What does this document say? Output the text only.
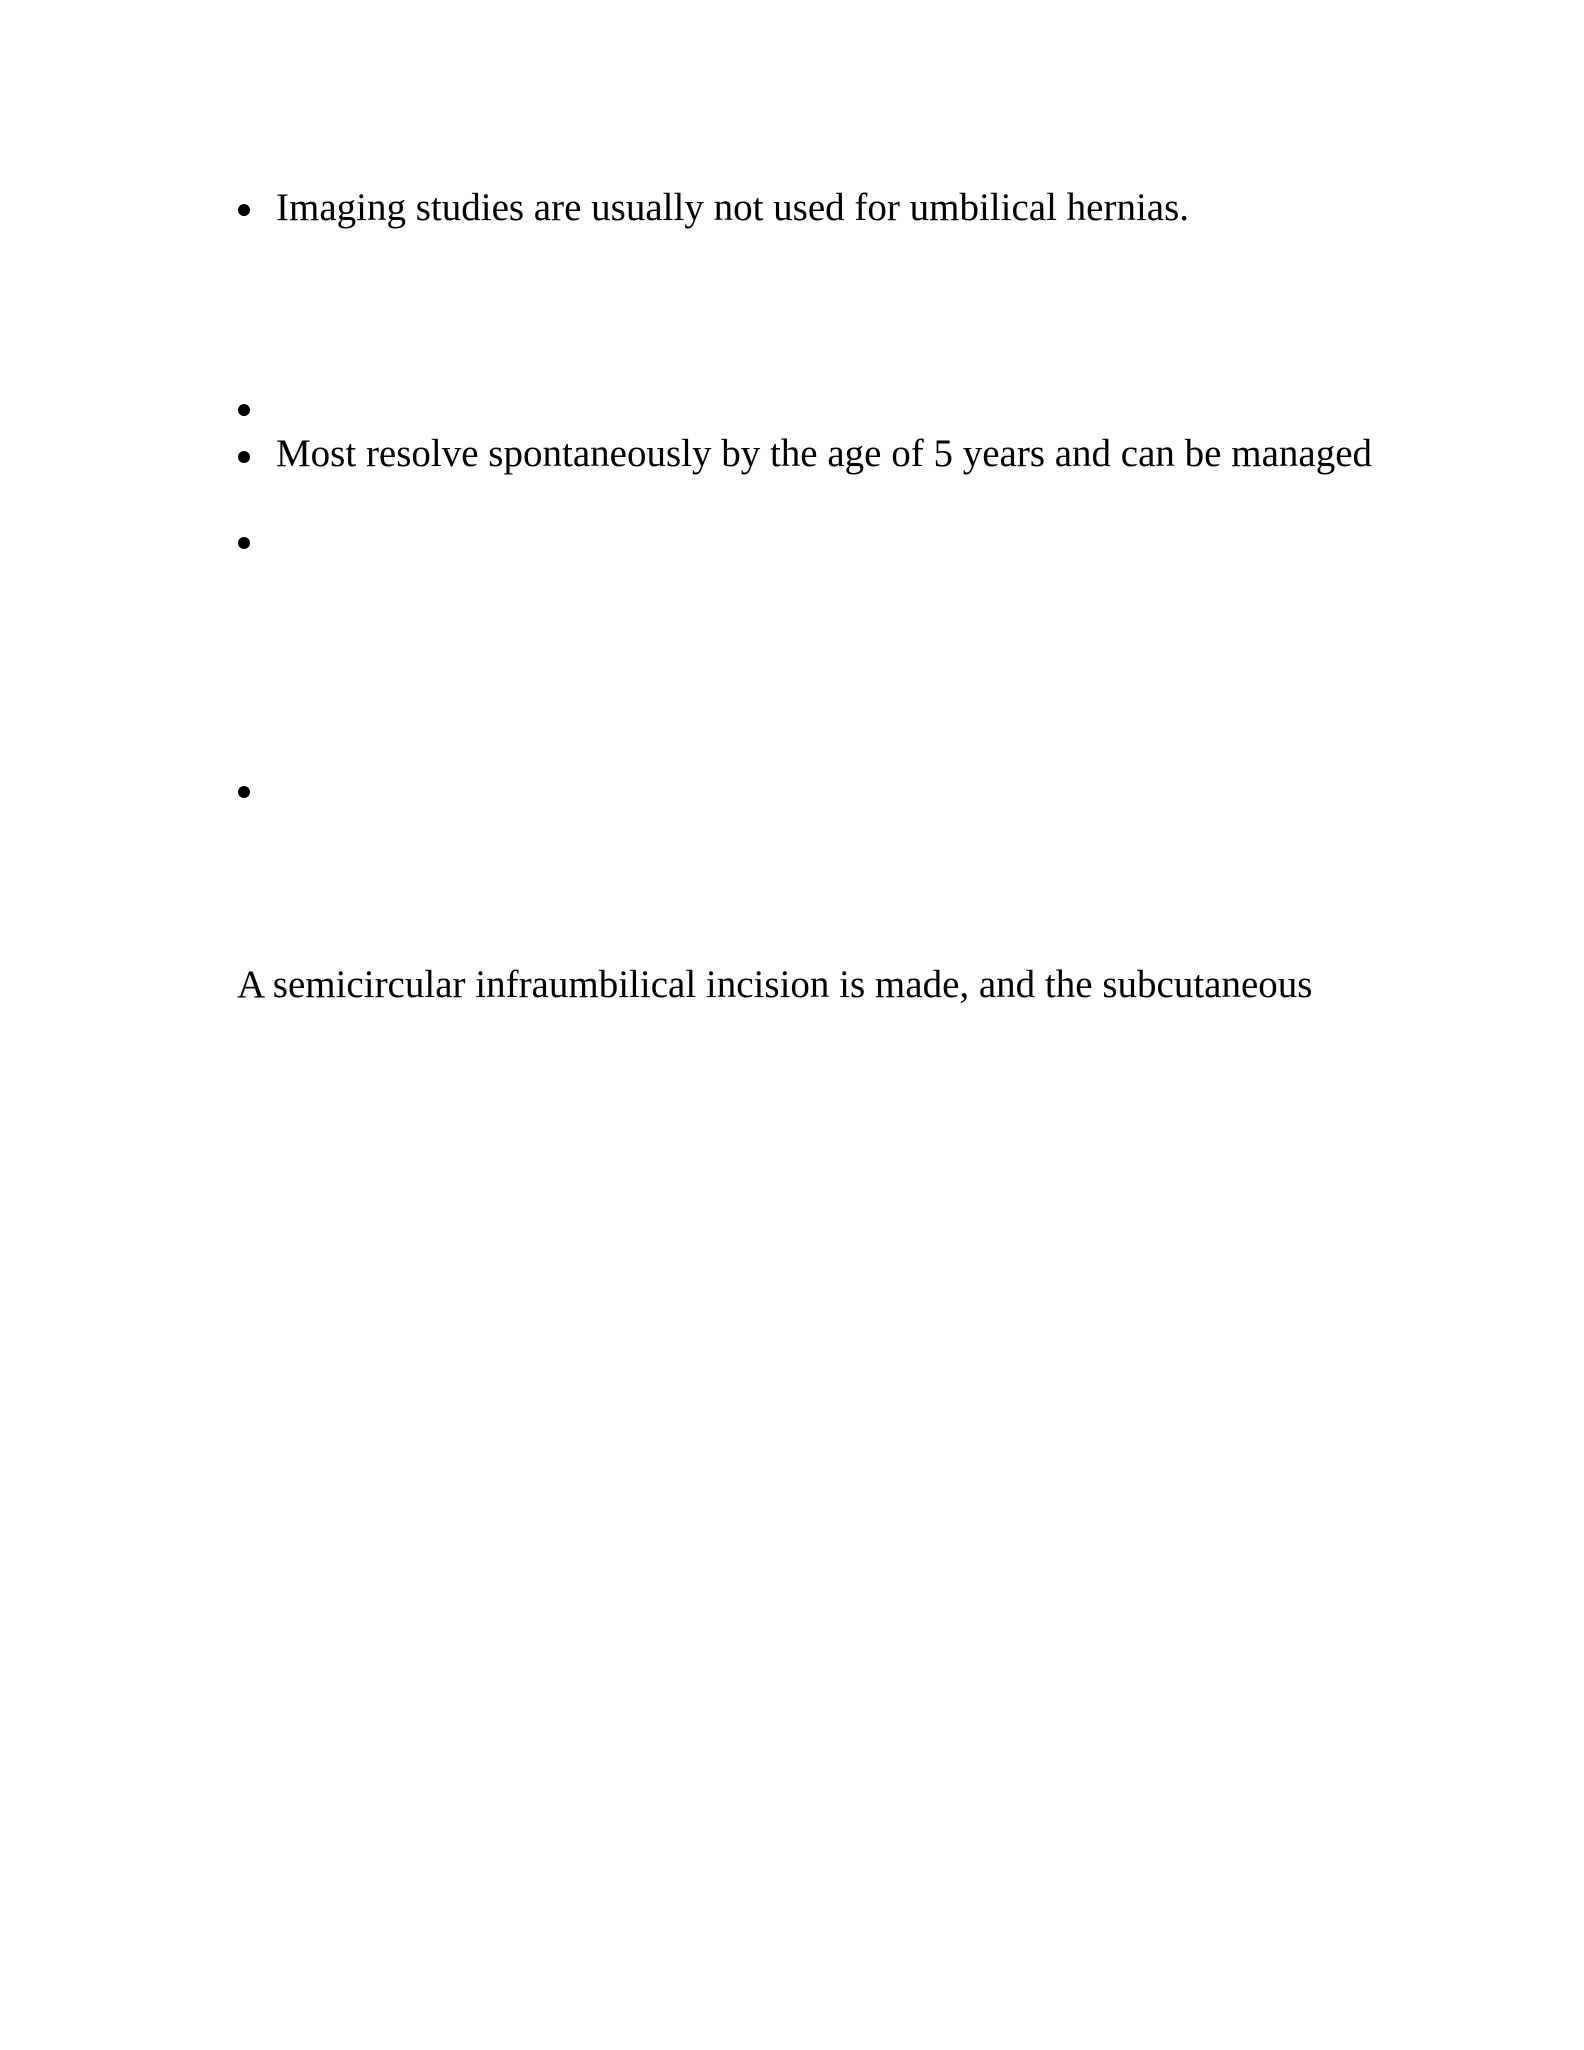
Imaging studies are usually not used for umbilical hernias.
Most resolve spontaneously by the age of 5 years and can be managed
A semicircular infraumbilical incision is made, and the subcutaneous
